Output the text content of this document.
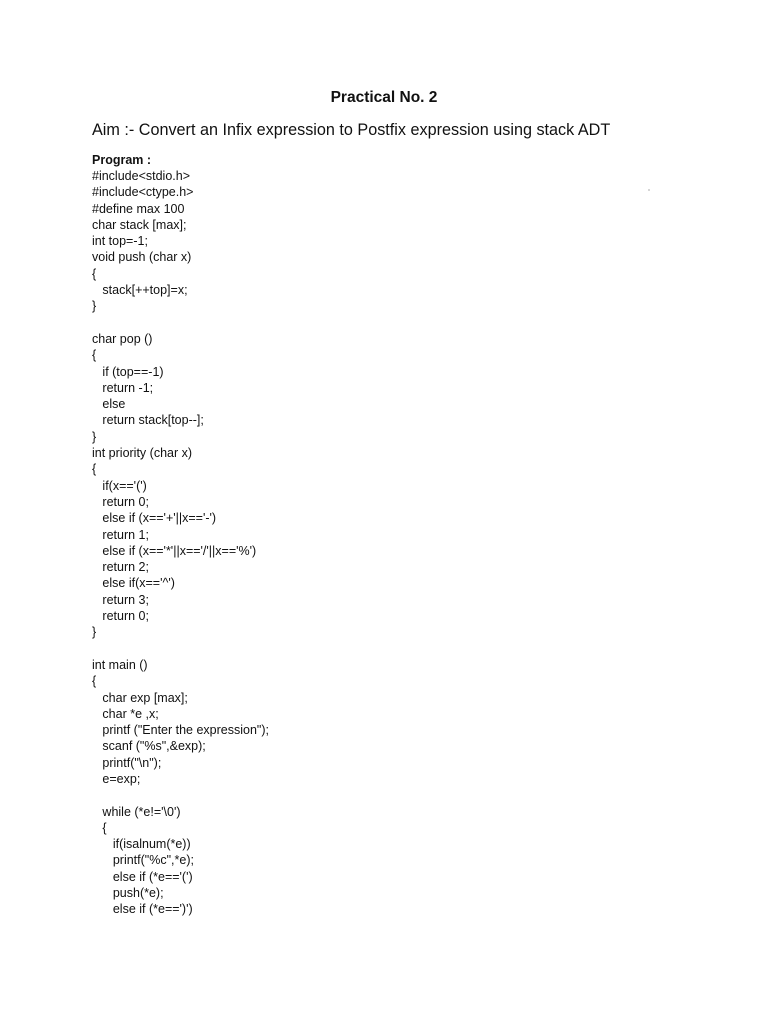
Practical No. 2
Aim :- Convert an Infix expression to Postfix expression using stack ADT
Program :
#include<stdio.h>
#include<ctype.h>
#define max 100
char stack [max];
int top=-1;
void push (char x)
{
stack[++top]=x;
}
char pop ()
{
if (top==-1)
return -1;
else
return stack[top--];
}
int priority (char x)
{
if(x=='(')
return 0;
else if (x=='+'||x=='-')
return 1;
else if (x=='*'||x=='/'||x=='%')
return 2;
else if(x=='^')
return 3;
return 0;
}
int main ()
{
char exp [max];
char *e ,x;
printf ("Enter the expression");
scanf ("%s",&exp);
printf("\n");
e=exp;
while (*e!='\0')
{
if(isalnum(*e))
printf("%c",*e);
else if (*e=='(')
push(*e);
else if (*e==')')
